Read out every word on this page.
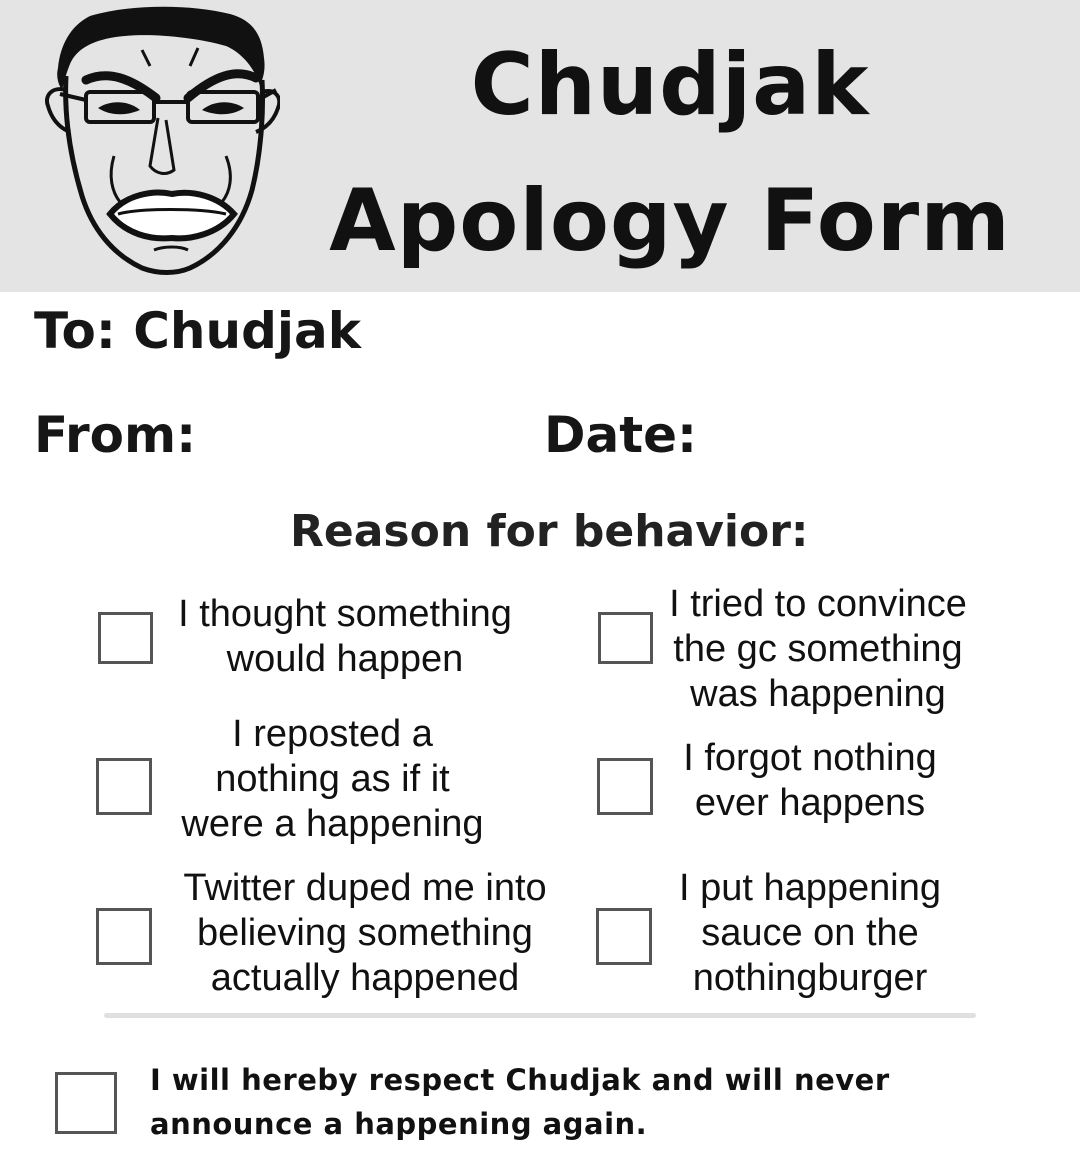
Chudjak
Apology Form
To: Chudjak
From:	Date:
Reason for behavior:
I thought something
would happen
I tried to convince
the gc something
was happening
I reposted a
nothing as if it
were a happening
I forgot nothing
ever happens
Twitter duped me into
believing something
actually happened
I put happening
sauce on the
nothingburger
I will hereby respect Chudjak and will never
announce a happening again.
